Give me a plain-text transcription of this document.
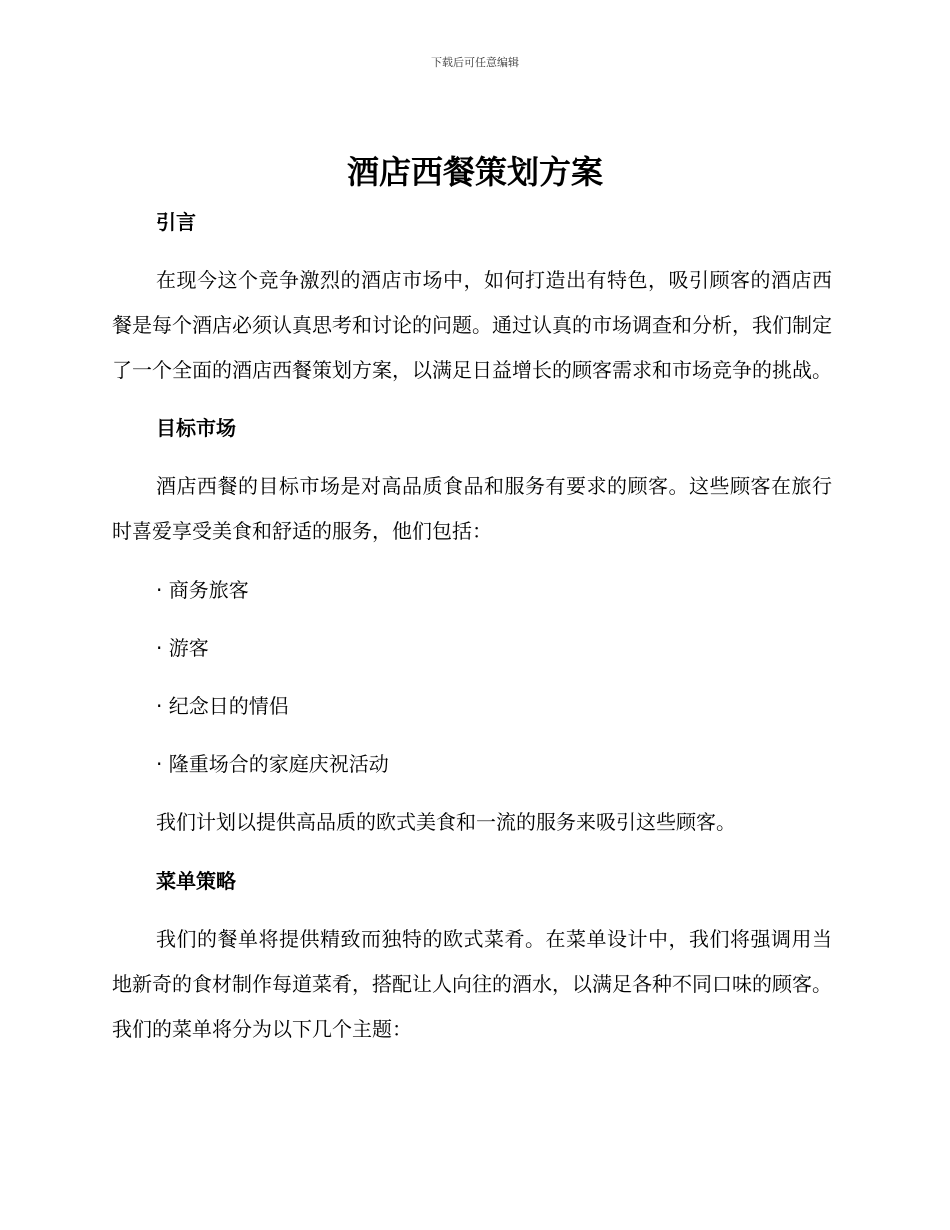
下载后可任意编辑
酒店西餐策划方案
引言

在现今这个竞争激烈的酒店市场中，如何打造出有特色，吸引顾客的酒店西餐是每个酒店必须认真思考和讨论的问题。通过认真的市场调查和分析，我们制定了一个全面的酒店西餐策划方案，以满足日益增长的顾客需求和市场竞争的挑战。

目标市场

酒店西餐的目标市场是对高品质食品和服务有要求的顾客。这些顾客在旅行时喜爱享受美食和舒适的服务，他们包括：

· 商务旅客

· 游客

· 纪念日的情侣

· 隆重场合的家庭庆祝活动

我们计划以提供高品质的欧式美食和一流的服务来吸引这些顾客。

菜单策略

我们的餐单将提供精致而独特的欧式菜肴。在菜单设计中，我们将强调用当地新奇的食材制作每道菜肴，搭配让人向往的酒水，以满足各种不同口味的顾客。我们的菜单将分为以下几个主题：
